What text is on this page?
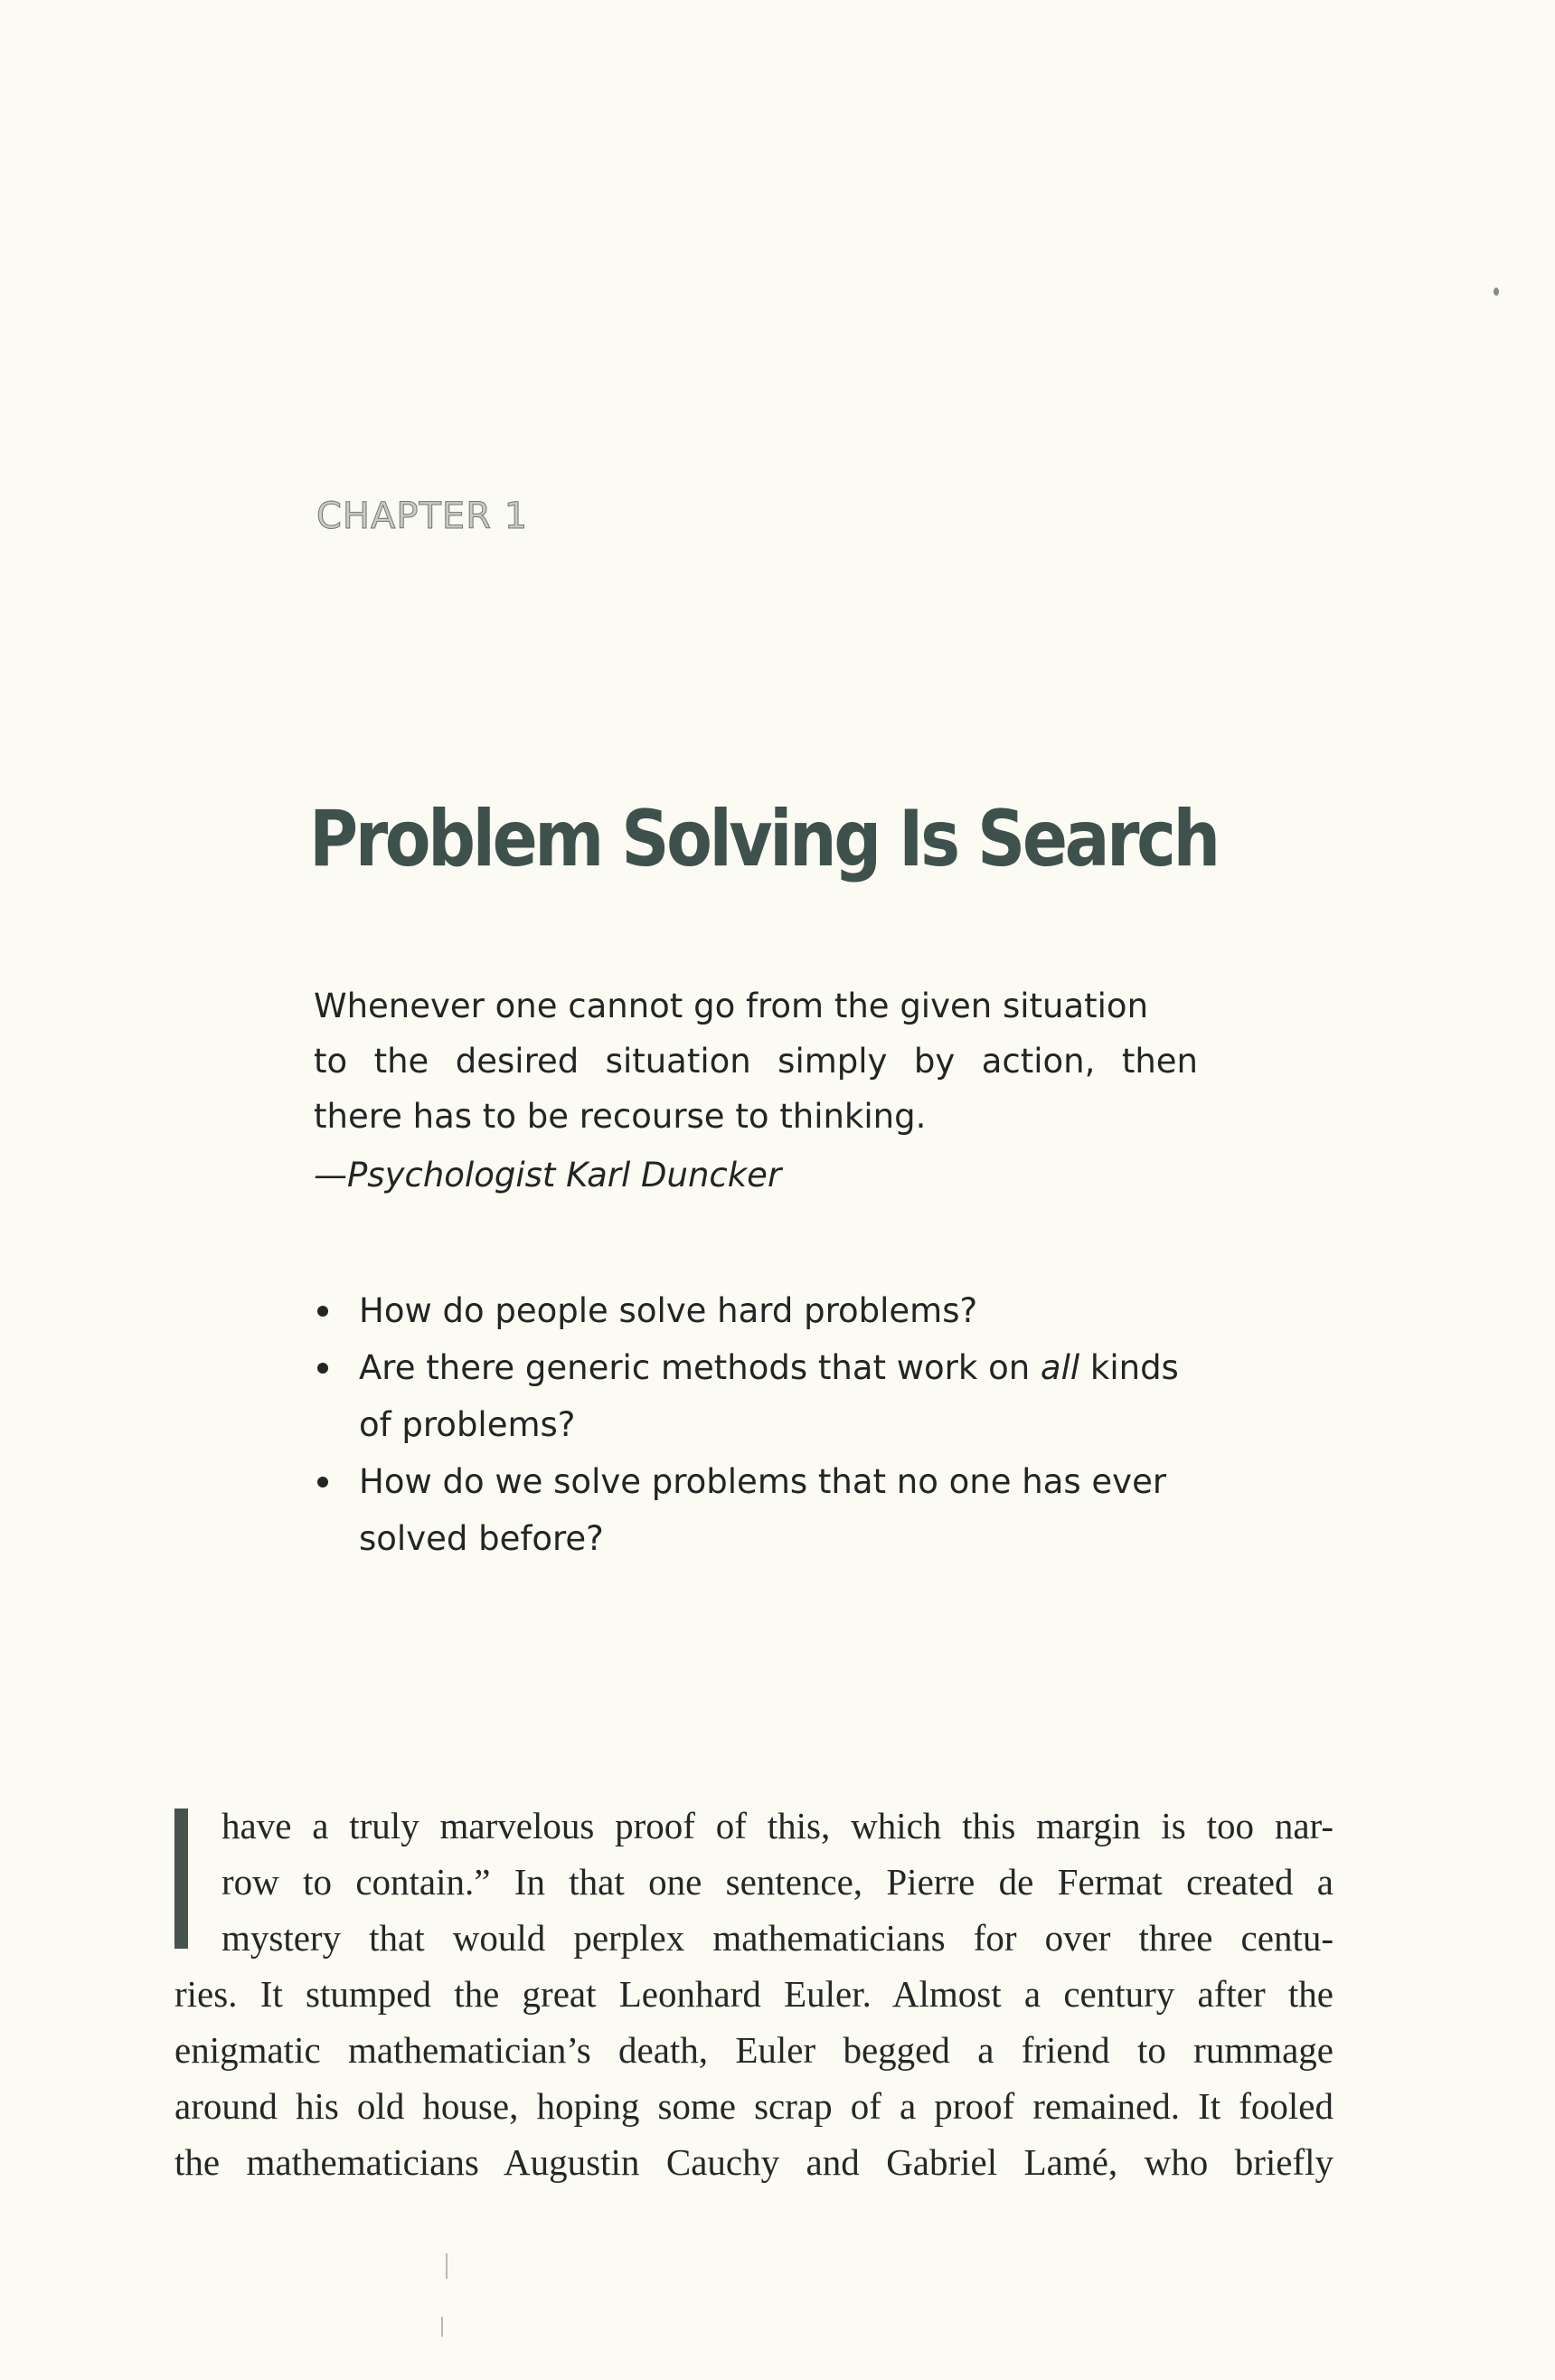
CHAPTER 1
Problem Solving Is Search

Whenever one cannot go from the given situation
to the desired situation simply by action, then
there has to be recourse to thinking.

—Psychologist Karl Duncker

How do people solve hard problems?
Are there generic methods that work on all kinds of problems?
How do we solve problems that no one has ever solved before?
have a truly marvelous proof of this, which this margin is too nar-
row to contain.” In that one sentence, Pierre de Fermat created a
mystery that would perplex mathematicians for over three centu-
ries. It stumped the great Leonhard Euler. Almost a century after the
enigmatic mathematician’s death, Euler begged a friend to rummage
around his old house, hoping some scrap of a proof remained. It fooled
the mathematicians Augustin Cauchy and Gabriel Lamé, who briefly
